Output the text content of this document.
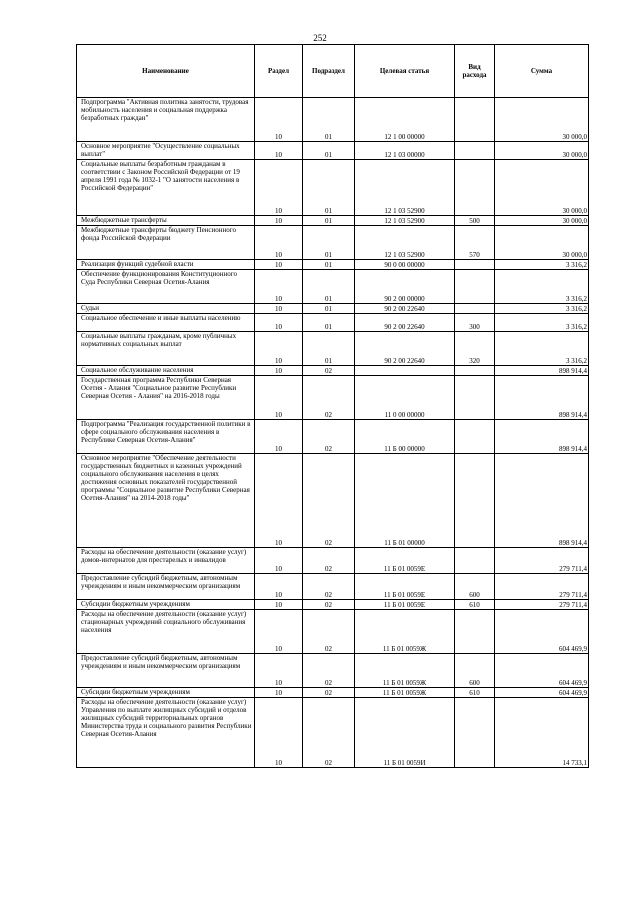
252
Наименование	Раздел	Подраздел	Целевая статья	Вид расхода	Сумма
Подпрограмма "Активная политика занятости, трудовая мобильность населения и социальная поддержка безработных граждан"	10	01	12 1 00 00000		30 000,0
Основное мероприятие "Осуществление социальных выплат"	10	01	12 1 03 00000		30 000,0
Социальные выплаты безработным гражданам в соответствии с Законом Российской Федерации от 19 апреля 1991 года № 1032-1 "О занятости населения в Российской Федерации"	10	01	12 1 03 52900		30 000,0
Межбюджетные трансферты	10	01	12 1 03 52900	500	30 000,0
Межбюджетные трансферты бюджету Пенсионного фонда Российской Федерации	10	01	12 1 03 52900	570	30 000,0
Реализация функций судебной власти	10	01	90 0 00 00000		3 316,2
Обеспечение функционирования Конституционного Суда Республики Северная Осетия-Алания	10	01	90 2 00 00000		3 316,2
Судьи	10	01	90 2 00 22640		3 316,2
Социальное обеспечение и иные выплаты населению	10	01	90 2 00 22640	300	3 316,2
Социальные выплаты гражданам, кроме публичных нормативных социальных выплат	10	01	90 2 00 22640	320	3 316,2
Социальное обслуживание населения	10	02			898 914,4
Государственная программа Республики Северная Осетия - Алания "Социальное развитие Республики Северная Осетия - Алания" на 2016-2018 годы	10	02	11 0 00 00000		898 914,4
Подпрограмма "Реализация государственной политики в сфере социального обслуживания населения в Республике Северная Осетия-Алания"	10	02	11 Б 00 00000		898 914,4
Основное мероприятие "Обеспечение деятельности государственных бюджетных и казенных учреждений социального обслуживания населения в целях достижения основных показателей государственной программы "Социальное развитие Республики Северная Осетия-Алания" на 2014-2018 годы"	10	02	11 Б 01 00000		898 914,4
Расходы на обеспечение деятельности (оказание услуг) домов-интернатов для престарелых и инвалидов	10	02	11 Б 01 0059Е		279 711,4
Предоставление субсидий бюджетным, автономным учреждениям и иным некоммерческим организациям	10	02	11 Б 01 0059Е	600	279 711,4
Субсидии бюджетным учреждениям	10	02	11 Б 01 0059Е	610	279 711,4
Расходы на обеспечение деятельности (оказание услуг) стационарных учреждений социального обслуживания населения	10	02	11 Б 01 0059Ж		604 469,9
Предоставление субсидий бюджетным, автономным учреждениям и иным некоммерческим организациям	10	02	11 Б 01 0059Ж	600	604 469,9
Субсидии бюджетным учреждениям	10	02	11 Б 01 0059Ж	610	604 469,9
Расходы на обеспечение деятельности (оказание услуг) Управления по выплате жилищных субсидий и отделов жилищных субсидий территориальных органов Министерства труда и социального развития Республики Северная Осетия-Алания	10	02	11 Б 01 0059И		14 733,1
